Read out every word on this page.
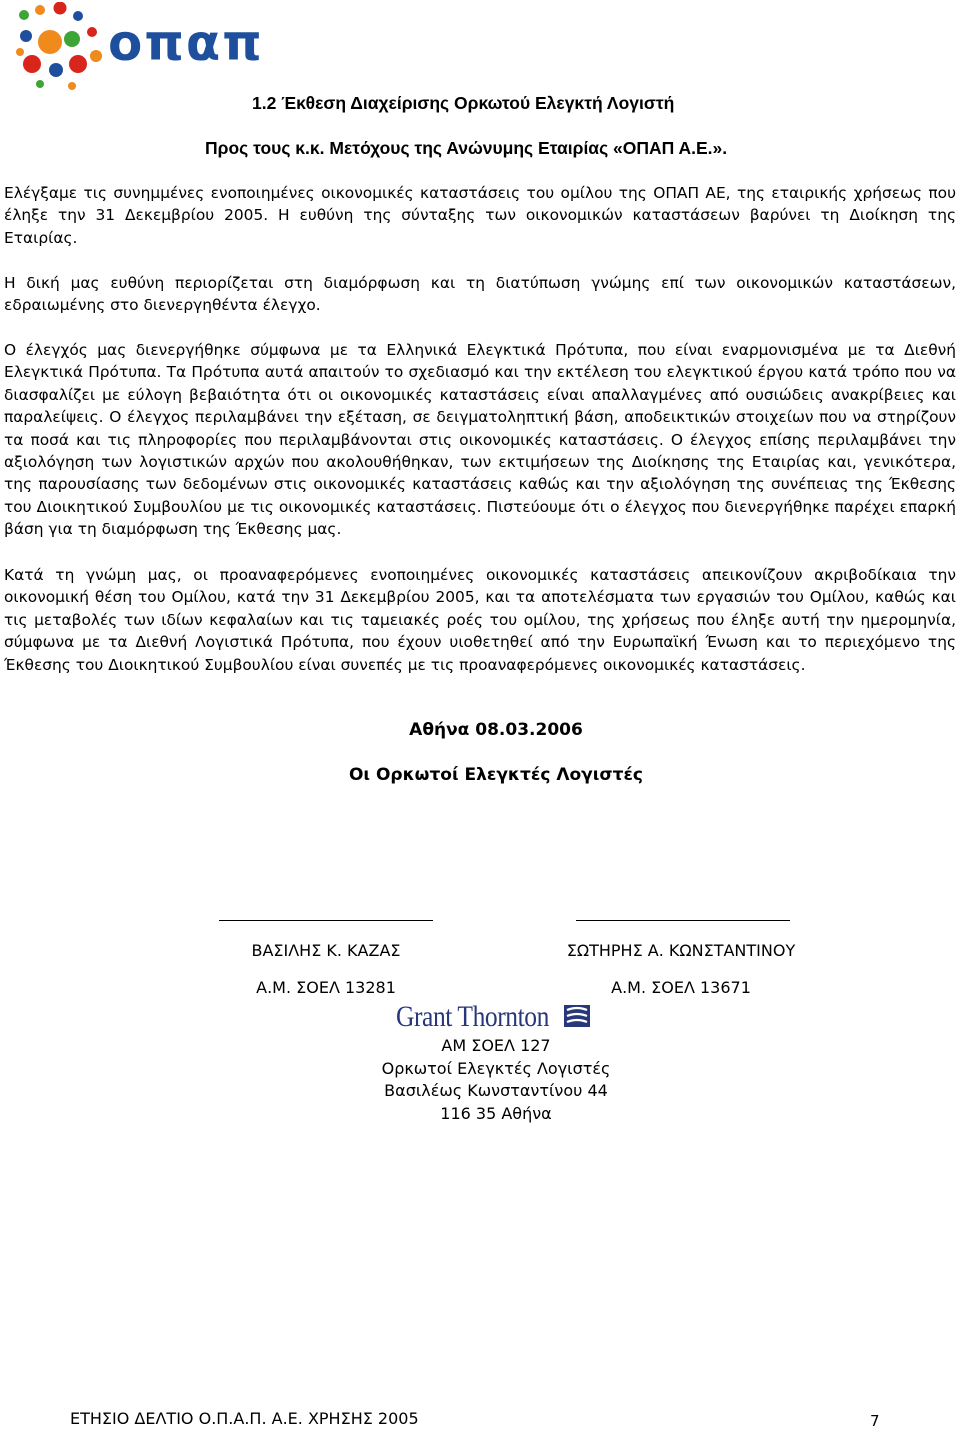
οπαπ
1.2 Έκθεση Διαχείρισης Ορκωτού Ελεγκτή Λογιστή
Προς τους κ.κ. Μετόχους της Ανώνυμης Εταιρίας «ΟΠΑΠ Α.Ε.».

Ελέγξαμε τις συνημμένες ενοποιημένες οικονομικές καταστάσεις του ομίλου της ΟΠΑΠ ΑΕ, της εταιρικής χρήσεως που έληξε την 31 Δεκεμβρίου 2005. Η ευθύνη της σύνταξης των οικονομικών καταστάσεων βαρύνει τη Διοίκηση της Εταιρίας.

Η δική μας ευθύνη περιορίζεται στη διαμόρφωση και τη διατύπωση γνώμης επί των οικονομικών καταστάσεων, εδραιωμένης στο διενεργηθέντα έλεγχο.

Ο έλεγχός μας διενεργήθηκε σύμφωνα με τα Ελληνικά Ελεγκτικά Πρότυπα, που είναι εναρμονισμένα με τα Διεθνή Ελεγκτικά Πρότυπα. Τα Πρότυπα αυτά απαιτούν το σχεδιασμό και την εκτέλεση του ελεγκτικού έργου κατά τρόπο που να διασφαλίζει με εύλογη βεβαιότητα ότι οι οικονομικές καταστάσεις είναι απαλλαγμένες από ουσιώδεις ανακρίβειες και παραλείψεις. Ο έλεγχος περιλαμβάνει την εξέταση, σε δειγματοληπτική βάση, αποδεικτικών στοιχείων που να στηρίζουν τα ποσά και τις πληροφορίες που περιλαμβάνονται στις οικονομικές καταστάσεις. Ο έλεγχος επίσης περιλαμβάνει την αξιολόγηση των λογιστικών αρχών που ακολουθήθηκαν, των εκτιμήσεων της Διοίκησης της Εταιρίας και, γενικότερα, της παρουσίασης των δεδομένων στις οικονομικές καταστάσεις καθώς και την αξιολόγηση της συνέπειας της Έκθεσης του Διοικητικού Συμβουλίου με τις οικονομικές καταστάσεις. Πιστεύουμε ότι ο έλεγχος που διενεργήθηκε παρέχει επαρκή βάση για τη διαμόρφωση της Έκθεσης μας.

Κατά τη γνώμη μας, οι προαναφερόμενες ενοποιημένες οικονομικές καταστάσεις απεικονίζουν ακριβοδίκαια την οικονομική θέση του Ομίλου, κατά την 31 Δεκεμβρίου 2005, και τα αποτελέσματα των εργασιών του Ομίλου, καθώς και τις μεταβολές των ιδίων κεφαλαίων και τις ταμειακές ροές του ομίλου, της χρήσεως που έληξε αυτή την ημερομηνία, σύμφωνα με τα Διεθνή Λογιστικά Πρότυπα, που έχουν υιοθετηθεί από την Ευρωπαϊκή Ένωση και το περιεχόμενο της Έκθεσης του Διοικητικού Συμβουλίου είναι συνεπές με τις προαναφερόμενες οικονομικές καταστάσεις.

Αθήνα 08.03.2006
Οι Ορκωτοί Ελεγκτές Λογιστές
ΒΑΣΙΛΗΣ Κ. ΚΑΖΑΣ	ΣΩΤΗΡΗΣ Α. ΚΩΝΣΤΑΝΤΙΝΟΥ
Α.Μ. ΣΟΕΛ 13281	Α.Μ. ΣΟΕΛ 13671
Grant Thornton
ΑΜ ΣΟΕΛ 127
Ορκωτοί Ελεγκτές Λογιστές
Βασιλέως Κωνσταντίνου 44
116 35 Αθήνα
ΕΤΗΣΙΟ ΔΕΛΤΙΟ Ο.Π.Α.Π. Α.Ε. ΧΡΗΣΗΣ 2005	7
